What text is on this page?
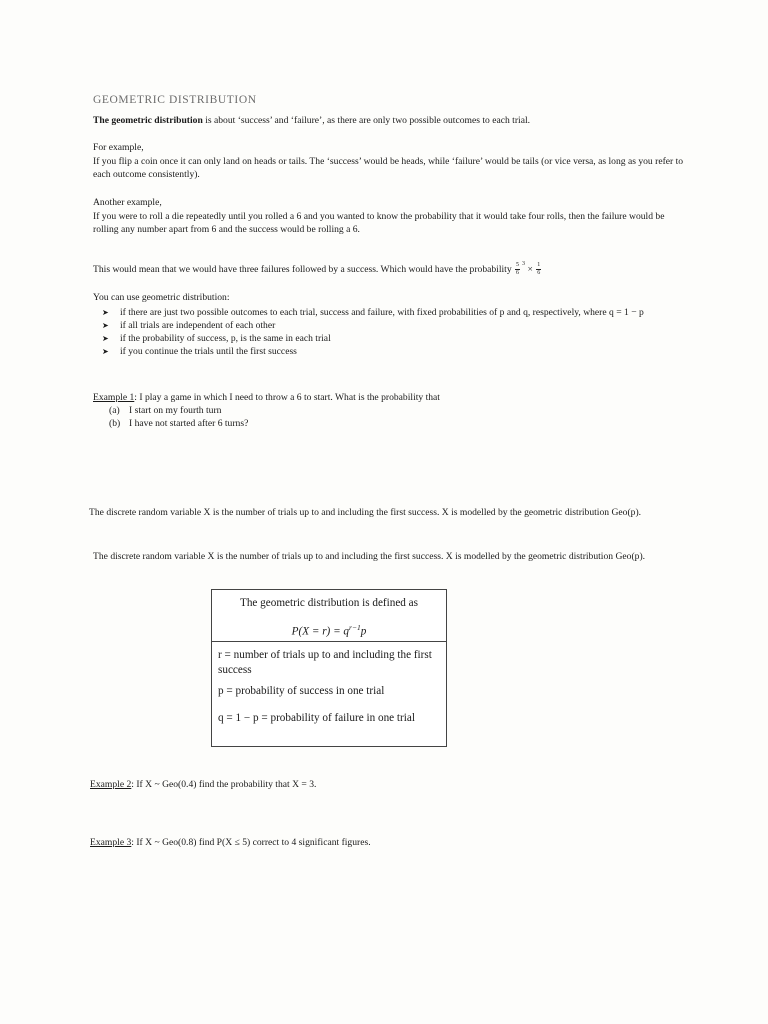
GEOMETRIC DISTRIBUTION
The geometric distribution is about ‘success’ and ‘failure’, as there are only two possible outcomes to each trial.
For example,
If you flip a coin once it can only land on heads or tails. The ‘success’ would be heads, while ‘failure’ would be tails (or vice versa, as long as you refer to each outcome consistently).
Another example,
If you were to roll a die repeatedly until you rolled a 6 and you wanted to know the probability that it would take four rolls, then the failure would be rolling any number apart from 6 and the success would be rolling a 6.
This would mean that we would have three failures followed by a success. Which would have the probability $\frac{5}{6} ^3 \times \frac{1}{6}$
You can use geometric distribution:
➤ if there are just two possible outcomes to each trial, success and failure, with fixed probabilities of p and q, respectively, where q = 1 − p
➤ if all trials are independent of each other
➤ if the probability of success, p, is the same in each trial
➤ if you continue the trials until the first success
Example 1: I play a game in which I need to throw a 6 to start. What is the probability that
(a) I start on my fourth turn
(b) I have not started after 6 turns?
The discrete random variable X is the number of trials up to and including the first success. X is modelled by the geometric distribution Geo(p).
The discrete random variable X is the number of trials up to and including the first success. X is modelled by the geometric distribution Geo(p).
The geometric distribution is defined as
$P(X = r) = q^{r-1}p$
r = number of trials up to and including the first success
p = probability of success in one trial
q = 1 − p = probability of failure in one trial
Example 2: If X ~ Geo(0.4) find the probability that X = 3.
Example 3: If X ~ Geo(0.8) find P(X ≤ 5) correct to 4 significant figures.
